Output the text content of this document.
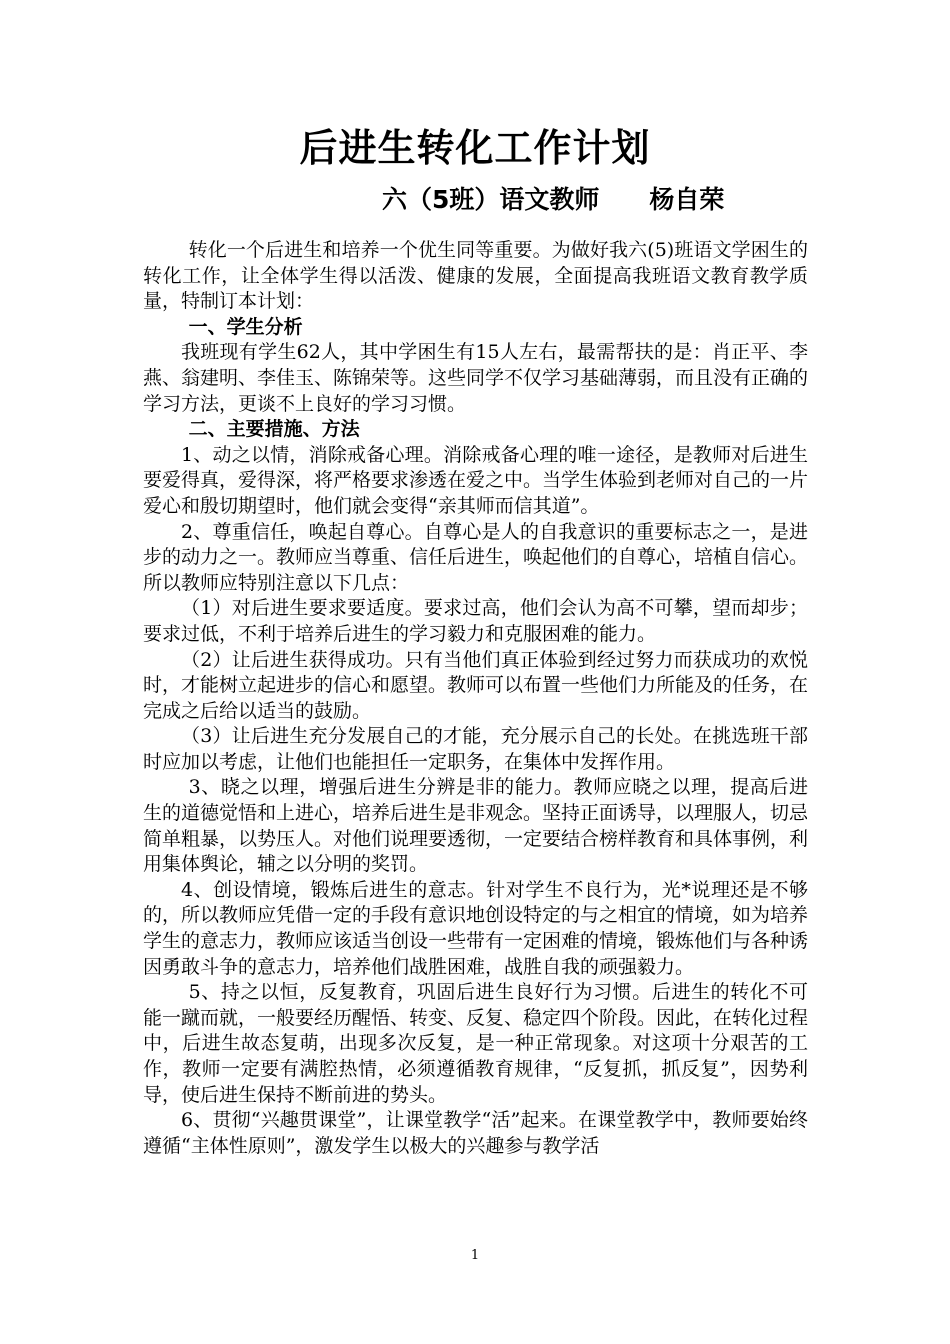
后进生转化工作计划
六（5班）语文教师　　杨自荣

转化一个后进生和培养一个优生同等重要。为做好我六(5)班语文学困生的转化工作，让全体学生得以活泼、健康的发展，全面提高我班语文教育教学质量，特制订本计划：

一、学生分析

我班现有学生62人，其中学困生有15人左右，最需帮扶的是：肖正平、李燕、翁建明、李佳玉、陈锦荣等。这些同学不仅学习基础薄弱，而且没有正确的学习方法，更谈不上良好的学习习惯。

二、主要措施、方法

1、动之以情，消除戒备心理。消除戒备心理的唯一途径，是教师对后进生要爱得真，爱得深，将严格要求渗透在爱之中。当学生体验到老师对自己的一片爱心和殷切期望时，他们就会变得“亲其师而信其道”。

2、尊重信任，唤起自尊心。自尊心是人的自我意识的重要标志之一，是进步的动力之一。教师应当尊重、信任后进生，唤起他们的自尊心，培植自信心。所以教师应特别注意以下几点：

（1）对后进生要求要适度。要求过高，他们会认为高不可攀，望而却步；要求过低，不利于培养后进生的学习毅力和克服困难的能力。

（2）让后进生获得成功。只有当他们真正体验到经过努力而获成功的欢悦时，才能树立起进步的信心和愿望。教师可以布置一些他们力所能及的任务，在完成之后给以适当的鼓励。

（3）让后进生充分发展自己的才能，充分展示自己的长处。在挑选班干部时应加以考虑，让他们也能担任一定职务，在集体中发挥作用。

3、晓之以理，增强后进生分辨是非的能力。教师应晓之以理，提高后进生的道德觉悟和上进心，培养后进生是非观念。坚持正面诱导，以理服人，切忌简单粗暴，以势压人。对他们说理要透彻，一定要结合榜样教育和具体事例，利用集体舆论，辅之以分明的奖罚。

4、创设情境，锻炼后进生的意志。针对学生不良行为，光*说理还是不够的，所以教师应凭借一定的手段有意识地创设特定的与之相宜的情境，如为培养学生的意志力，教师应该适当创设一些带有一定困难的情境，锻炼他们与各种诱因勇敢斗争的意志力，培养他们战胜困难，战胜自我的顽强毅力。

5、持之以恒，反复教育，巩固后进生良好行为习惯。后进生的转化不可能一蹴而就，一般要经历醒悟、转变、反复、稳定四个阶段。因此，在转化过程中，后进生故态复萌，出现多次反复，是一种正常现象。对这项十分艰苦的工作，教师一定要有满腔热情，必须遵循教育规律，“反复抓，抓反复”，因势利导，使后进生保持不断前进的势头。

6、贯彻“兴趣贯课堂”，让课堂教学“活”起来。在课堂教学中，教师要始终遵循“主体性原则”，激发学生以极大的兴趣参与教学活

1
